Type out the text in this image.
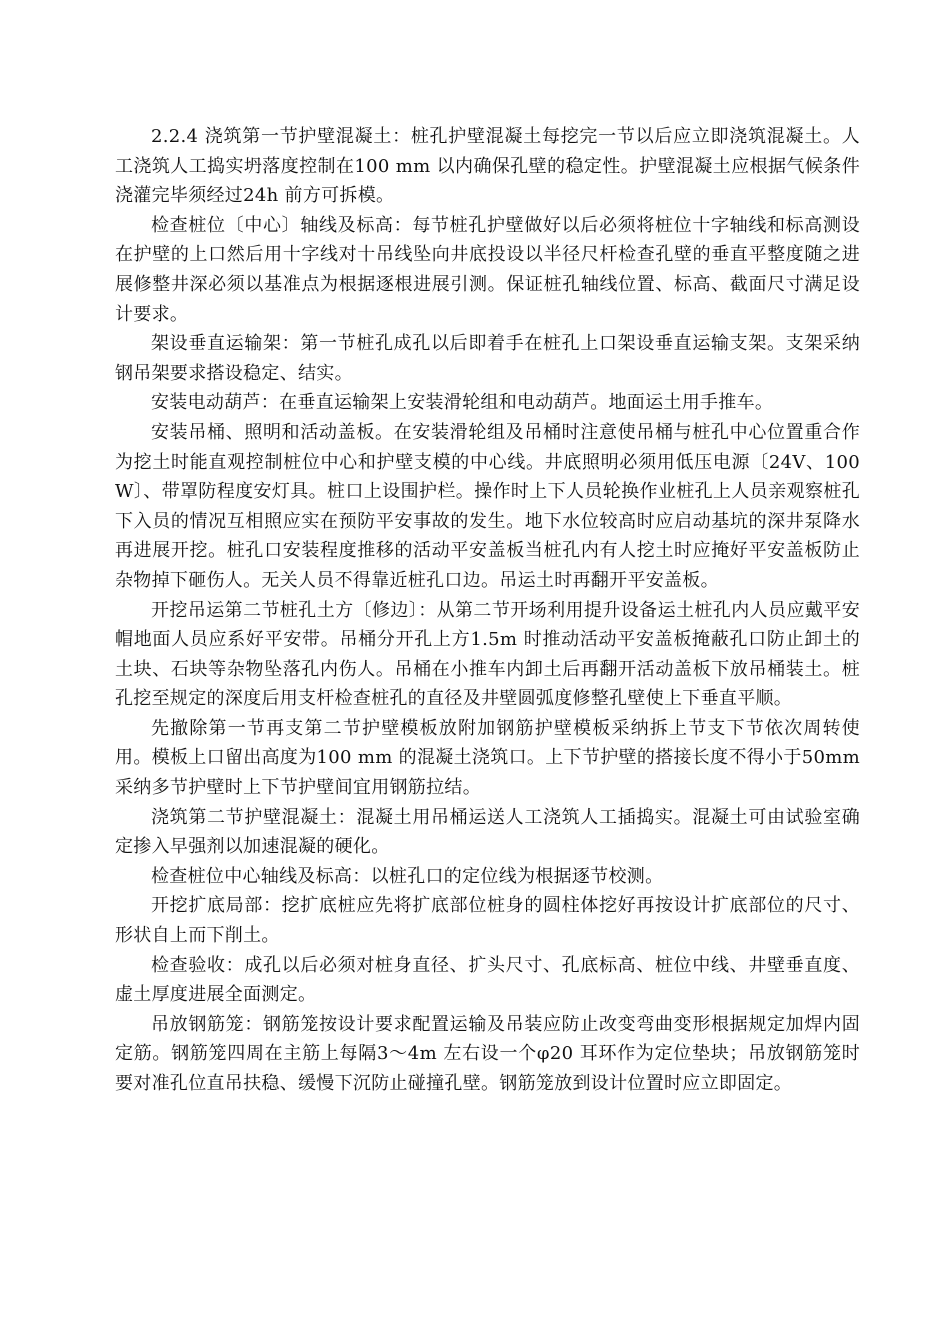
2.2.4 浇筑第一节护壁混凝土：桩孔护壁混凝土每挖完一节以后应立即浇筑混凝土。人工浇筑人工捣实坍落度控制在100 mm 以内确保孔壁的稳定性。护壁混凝土应根据气候条件浇灌完毕须经过24h 前方可拆模。

检查桩位〔中心〕轴线及标高：每节桩孔护壁做好以后必须将桩位十字轴线和标高测设在护壁的上口然后用十字线对十吊线坠向井底投设以半径尺杆检查孔壁的垂直平整度随之进展修整井深必须以基准点为根据逐根进展引测。保证桩孔轴线位置、标高、截面尺寸满足设计要求。

架设垂直运输架：第一节桩孔成孔以后即着手在桩孔上口架设垂直运输支架。支架采纳钢吊架要求搭设稳定、结实。

安装电动葫芦：在垂直运输架上安装滑轮组和电动葫芦。地面运土用手推车。

安装吊桶、照明和活动盖板。在安装滑轮组及吊桶时注意使吊桶与桩孔中心位置重合作为挖土时能直观控制桩位中心和护壁支模的中心线。井底照明必须用低压电源〔24V、100 W〕、带罩防程度安灯具。桩口上设围护栏。操作时上下人员轮换作业桩孔上人员亲观察桩孔下入员的情况互相照应实在预防平安事故的发生。地下水位较高时应启动基坑的深井泵降水再进展开挖。桩孔口安装程度推移的活动平安盖板当桩孔内有人挖土时应掩好平安盖板防止杂物掉下砸伤人。无关人员不得靠近桩孔口边。吊运土时再翻开平安盖板。

开挖吊运第二节桩孔土方〔修边〕：从第二节开场利用提升设备运土桩孔内人员应戴平安帽地面人员应系好平安带。吊桶分开孔上方1.5m 时推动活动平安盖板掩蔽孔口防止卸土的土块、石块等杂物坠落孔内伤人。吊桶在小推车内卸土后再翻开活动盖板下放吊桶装土。桩孔挖至规定的深度后用支杆检查桩孔的直径及井壁圆弧度修整孔壁使上下垂直平顺。

先撤除第一节再支第二节护壁模板放附加钢筋护壁模板采纳拆上节支下节依次周转使用。模板上口留出高度为100 mm 的混凝土浇筑口。上下节护壁的搭接长度不得小于50mm 采纳多节护壁时上下节护壁间宜用钢筋拉结。

浇筑第二节护壁混凝土：混凝土用吊桶运送人工浇筑人工插捣实。混凝土可由试验室确定掺入早强剂以加速混凝的硬化。

检查桩位中心轴线及标高：以桩孔口的定位线为根据逐节校测。

开挖扩底局部：挖扩底桩应先将扩底部位桩身的圆柱体挖好再按设计扩底部位的尺寸、形状自上而下削土。

检查验收：成孔以后必须对桩身直径、扩头尺寸、孔底标高、桩位中线、井壁垂直度、虚土厚度进展全面测定。

吊放钢筋笼：钢筋笼按设计要求配置运输及吊装应防止改变弯曲变形根据规定加焊内固定筋。钢筋笼四周在主筋上每隔3～4m 左右设一个φ20 耳环作为定位垫块；吊放钢筋笼时要对准孔位直吊扶稳、缓慢下沉防止碰撞孔壁。钢筋笼放到设计位置时应立即固定。
